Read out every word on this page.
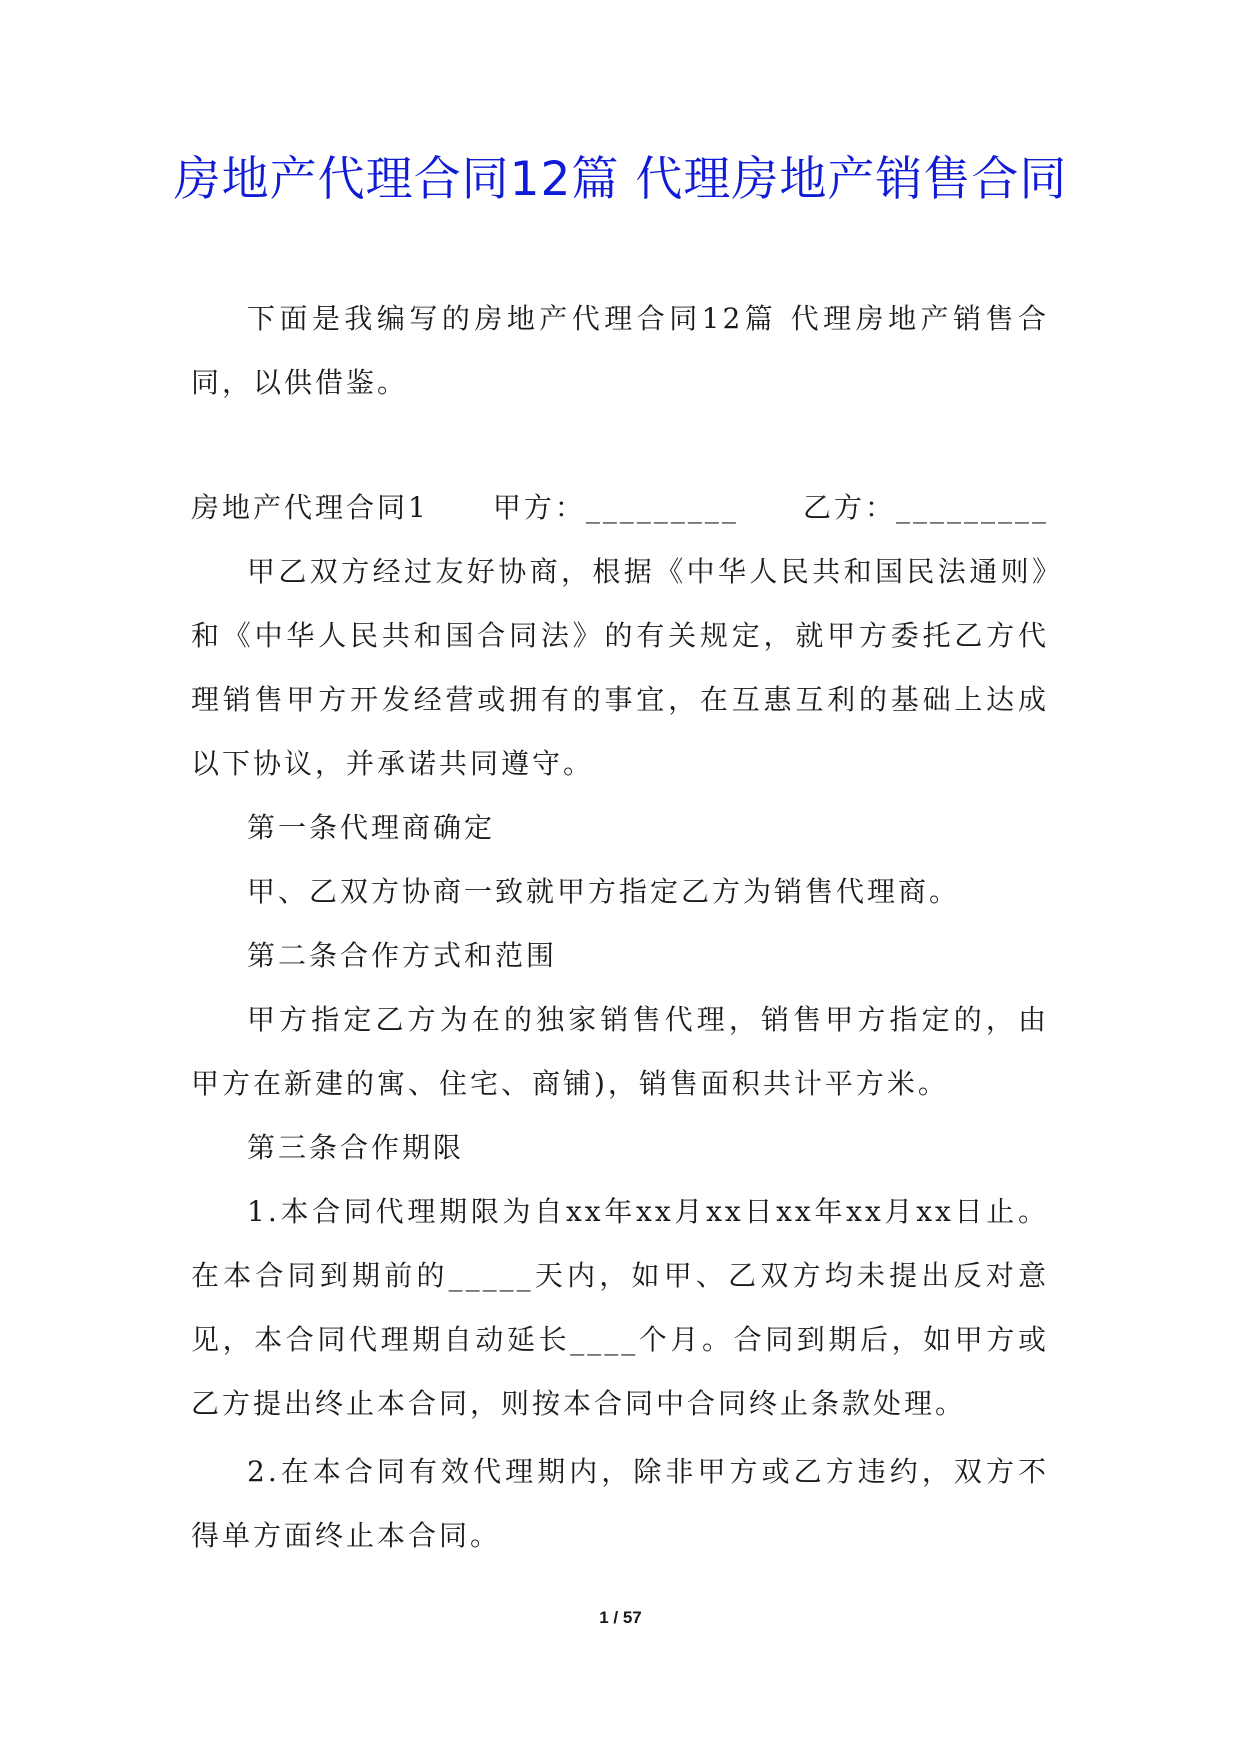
房地产代理合同12篇 代理房地产销售合同

下面是我编写的房地产代理合同12篇 代理房地产销售合同，以供借鉴。

房地产代理合同1 甲方：_________ 乙方：_________

甲乙双方经过友好协商，根据《中华人民共和国民法通则》和《中华人民共和国合同法》的有关规定，就甲方委托乙方代理销售甲方开发经营或拥有的事宜，在互惠互利的基础上达成以下协议，并承诺共同遵守。

第一条代理商确定

甲、乙双方协商一致就甲方指定乙方为销售代理商。

第二条合作方式和范围

甲方指定乙方为在的独家销售代理，销售甲方指定的，由甲方在新建的寓、住宅、商铺)，销售面积共计平方米。

第三条合作期限

1.本合同代理期限为自xx年xx月xx日xx年xx月xx日止。在本合同到期前的_____天内，如甲、乙双方均未提出反对意见，本合同代理期自动延长____个月。合同到期后，如甲方或乙方提出终止本合同，则按本合同中合同终止条款处理。

2.在本合同有效代理期内，除非甲方或乙方违约，双方不得单方面终止本合同。

1 / 57
